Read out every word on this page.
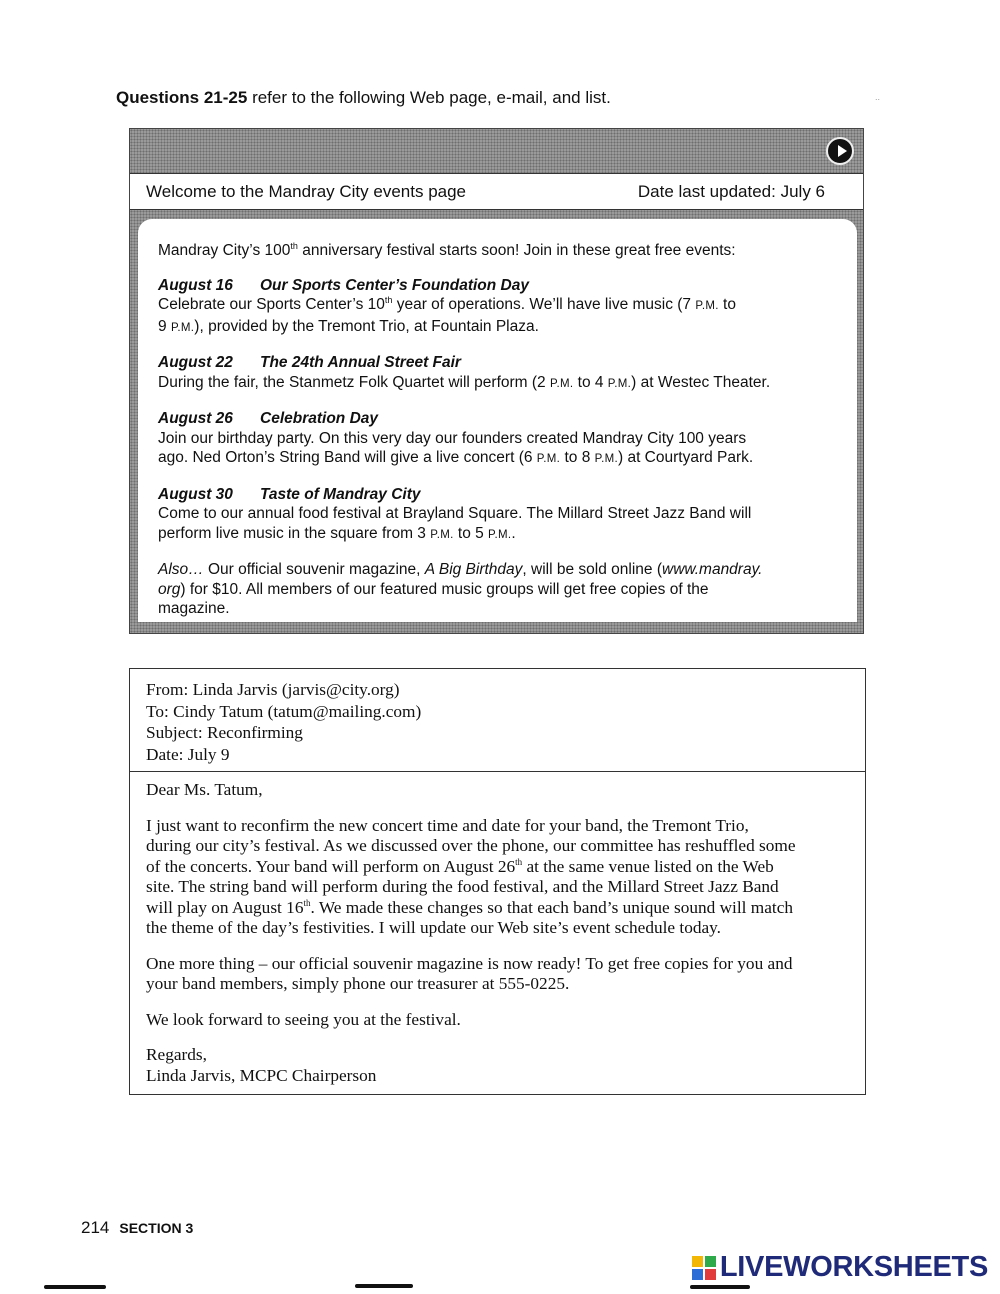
Questions 21-25 refer to the following Web page, e-mail, and list.	..
Welcome to the Mandray City events page	Date last updated: July 6

Mandray City’s 100th anniversary festival starts soon! Join in these great free events:

August 16 Our Sports Center’s Foundation Day

Celebrate our Sports Center’s 10th year of operations. We’ll have live music (7 P.M. to
9 P.M.), provided by the Tremont Trio, at Fountain Plaza.

August 22 The 24th Annual Street Fair

During the fair, the Stanmetz Folk Quartet will perform (2 P.M. to 4 P.M.) at Westec Theater.

August 26 Celebration Day

Join our birthday party. On this very day our founders created Mandray City 100 years
ago. Ned Orton’s String Band will give a live concert (6 P.M. to 8 P.M.) at Courtyard Park.

August 30 Taste of Mandray City

Come to our annual food festival at Brayland Square. The Millard Street Jazz Band will
perform live music in the square from 3 P.M. to 5 P.M..

Also… Our official souvenir magazine, A Big Birthday, will be sold online (www.mandray.
org) for $10. All members of our featured music groups will get free copies of the
magazine.

From: Linda Jarvis (jarvis@city.org)
To: Cindy Tatum (tatum@mailing.com)
Subject: Reconfirming
Date: July 9

Dear Ms. Tatum,

I just want to reconfirm the new concert time and date for your band, the Tremont Trio,
during our city’s festival. As we discussed over the phone, our committee has reshuffled some
of the concerts. Your band will perform on August 26th at the same venue listed on the Web
site. The string band will perform during the food festival, and the Millard Street Jazz Band
will play on August 16th. We made these changes so that each band’s unique sound will match
the theme of the day’s festivities. I will update our Web site’s event schedule today.

One more thing – our official souvenir magazine is now ready! To get free copies for you and
your band members, simply phone our treasurer at 555-0225.

We look forward to seeing you at the festival.

Regards,

Linda Jarvis, MCPC Chairperson

214 SECTION 3
LIVEWORKSHEETS
